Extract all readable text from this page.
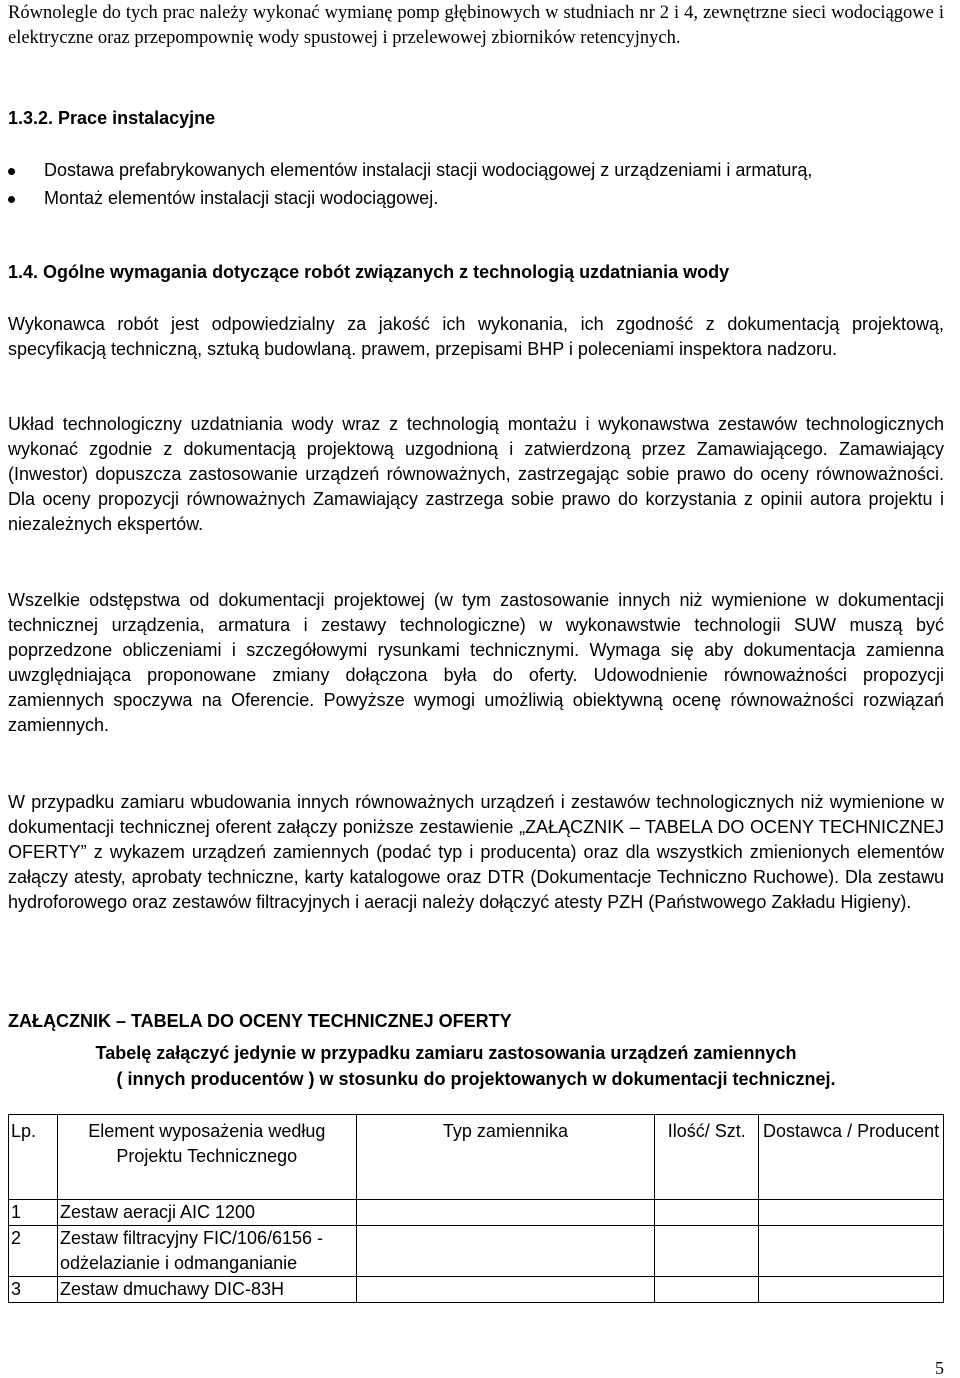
Równolegle do tych prac należy wykonać wymianę pomp głębinowych w studniach nr 2 i 4, zewnętrzne sieci wodociągowe i elektryczne oraz przepompownię wody spustowej i przelewowej zbiorników retencyjnych.

1.3.2. Prace instalacyjne
Dostawa prefabrykowanych elementów instalacji stacji wodociągowej z urządzeniami i armaturą,
Montaż elementów instalacji stacji wodociągowej.
1.4. Ogólne wymagania dotyczące robót związanych z technologią uzdatniania wody

Wykonawca robót jest odpowiedzialny za jakość ich wykonania, ich zgodność z dokumentacją projektową, specyfikacją techniczną, sztuką budowlaną. prawem, przepisami BHP i poleceniami inspektora nadzoru.

Układ technologiczny uzdatniania wody wraz z technologią montażu i wykonawstwa zestawów technologicznych wykonać zgodnie z dokumentacją projektową uzgodnioną i zatwierdzoną przez Zamawiającego. Zamawiający (Inwestor) dopuszcza zastosowanie urządzeń równoważnych, zastrzegając sobie prawo do oceny równoważności. Dla oceny propozycji równoważnych Zamawiający zastrzega sobie prawo do korzystania z opinii autora projektu i niezależnych ekspertów.

Wszelkie odstępstwa od dokumentacji projektowej (w tym zastosowanie innych niż wymienione w dokumentacji technicznej urządzenia, armatura i zestawy technologiczne) w wykonawstwie technologii SUW muszą być poprzedzone obliczeniami i szczegółowymi rysunkami technicznymi. Wymaga się aby dokumentacja zamienna uwzględniająca proponowane zmiany dołączona była do oferty. Udowodnienie równoważności propozycji zamiennych spoczywa na Oferencie. Powyższe wymogi umożliwią obiektywną ocenę równoważności rozwiązań zamiennych.

W przypadku zamiaru wbudowania innych równoważnych urządzeń i zestawów technologicznych niż wymienione w dokumentacji technicznej oferent załączy poniższe zestawienie „ZAŁĄCZNIK – TABELA DO OCENY TECHNICZNEJ OFERTY” z wykazem urządzeń zamiennych (podać typ i producenta) oraz dla wszystkich zmienionych elementów załączy atesty, aprobaty techniczne, karty katalogowe oraz DTR (Dokumentacje Techniczno Ruchowe). Dla zestawu hydroforowego oraz zestawów filtracyjnych i aeracji należy dołączyć atesty PZH (Państwowego Zakładu Higieny).

ZAŁĄCZNIK – TABELA DO OCENY TECHNICZNEJ OFERTY
Tabelę załączyć jedynie w przypadku zamiaru zastosowania urządzeń zamiennych
( innych producentów ) w stosunku do projektowanych w dokumentacji technicznej.
Lp.	Element wyposażenia według Projektu Technicznego	Typ zamiennika	Ilość/ Szt.	Dostawca / Producent
1	Zestaw aeracji AIC 1200			
2	Zestaw filtracyjny FIC/106/6156 - odżelazianie i odmanganianie			
3	Zestaw dmuchawy DIC-83H			
5
